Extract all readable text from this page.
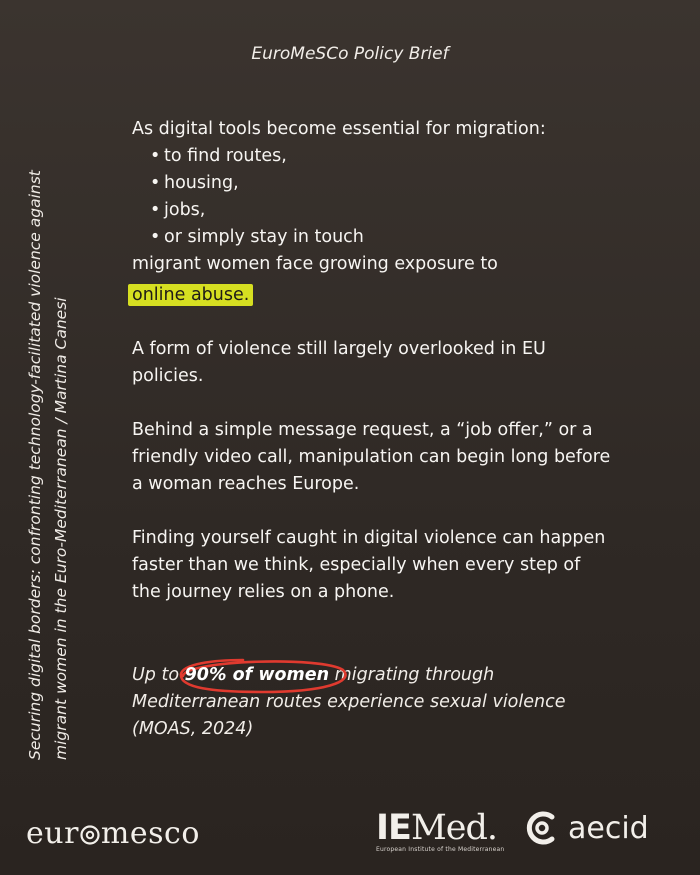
EuroMeSCo Policy Brief
Securing digital borders: confronting technology-facilitated violence against migrant women in the Euro-Mediterranean / Martina Canesi

As digital tools become essential for migration:

• to find routes,
• housing,
• jobs,
• or simply stay in touch

migrant women face growing exposure to

online abuse.

A form of violence still largely overlooked in EU policies.

Behind a simple message request, a “job offer,” or a friendly video call, manipulation can begin long before a woman reaches Europe.

Finding yourself caught in digital violence can happen faster than we think, especially when every step of the journey relies on a phone.

Up to
90% of women migrating through Mediterranean routes experience sexual violence (MOAS, 2024)
eur mesco	IEMed.
European Institute of the Mediterranean
aecid
